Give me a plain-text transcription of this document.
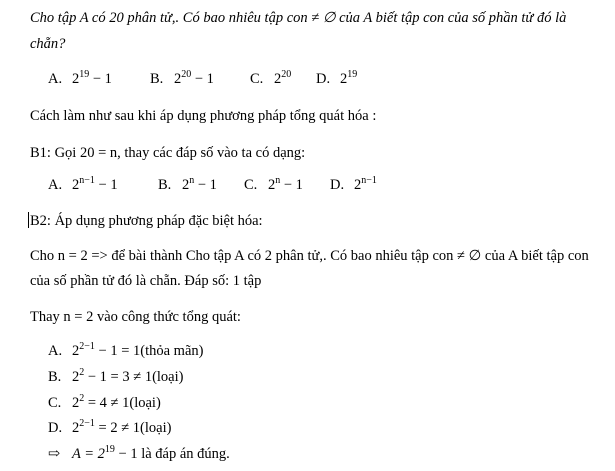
Cho tập A có 20 phân tử,. Có bao nhiêu tập con ≠ ∅ của A biết tập con của số phần tử đó là
chẵn?
A. $2^{19} - 1$	B. $2^{20} - 1$ C. $2^{20}$ D. $2^{19}$
Cách làm như sau khi áp dụng phương pháp tổng quát hóa :
B1: Gọi 20 = n, thay các đáp số vào ta có dạng:
A. $2^{n-1} - 1$	B. $2^n - 1$ C. $2^n - 1$ D. $2^{n-1}$
B2: Áp dụng phương pháp đặc biệt hóa:
Cho n = 2 => để bài thành Cho tập A có 2 phân tử,. Có bao nhiêu tập con ≠ ∅ của A biết tập con
của số phần tử đó là chẵn. Đáp số: 1 tập
Thay n = 2 vào công thức tổng quát:
A. $2^{2-1} - 1$ = 1(thỏa mãn)
B. $2^2 - 1 = 3$ ≠ 1(loại)
C. $2^2 = 4$ ≠ 1(loại)
D. $2^{2-1} = 2$ ≠ 1(loại)
⇨ $A = 2^{19} - 1$ là đáp án đúng.
